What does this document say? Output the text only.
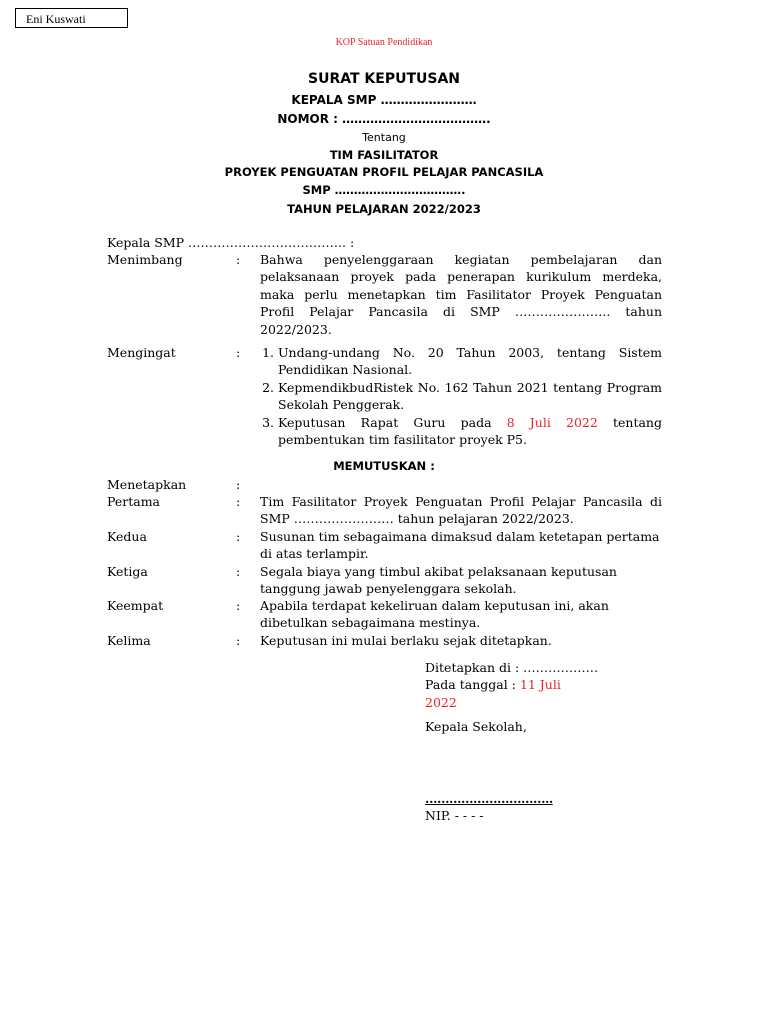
Eni Kuswati
KOP Satuan Pendidikan
SURAT KEPUTUSAN
KEPALA SMP ……………………
NOMOR : ……………………………….
Tentang
TIM FASILITATOR
PROYEK PENGUATAN PROFIL PELAJAR PANCASILA
SMP …………………………….
TAHUN PELAJARAN 2022/2023
Kepala SMP ……………………………….. :
Menimbang	:	Bahwa penyelenggaraan kegiatan pembelajaran dan pelaksanaan proyek pada penerapan kurikulum merdeka, maka perlu menetapkan tim Fasilitator Proyek Penguatan Profil Pelajar Pancasila di SMP ………………….. tahun 2022/2023.
Mengingat	:	1. Undang-undang No. 20 Tahun 2003, tentang Sistem Pendidikan Nasional.
2. KepmendikbudRistek No. 162 Tahun 2021 tentang Program Sekolah Penggerak.
3. Keputusan Rapat Guru pada 8 Juli 2022 tentang pembentukan tim fasilitator proyek P5.
MEMUTUSKAN :
Menetapkan	:
Pertama	:	Tim Fasilitator Proyek Penguatan Profil Pelajar Pancasila di SMP …………………… tahun pelajaran 2022/2023.
Kedua	:	Susunan tim sebagaimana dimaksud dalam ketetapan pertama di atas terlampir.
Ketiga	:	Segala biaya yang timbul akibat pelaksanaan keputusan tanggung jawab penyelenggara sekolah.
Keempat	:	Apabila terdapat kekeliruan dalam keputusan ini, akan dibetulkan sebagaimana mestinya.
Kelima	:	Keputusan ini mulai berlaku sejak ditetapkan.
Ditetapkan di : ………………
Pada tanggal : 11 Juli
2022
Kepala Sekolah,
…………………………..
NIP. - - - -
